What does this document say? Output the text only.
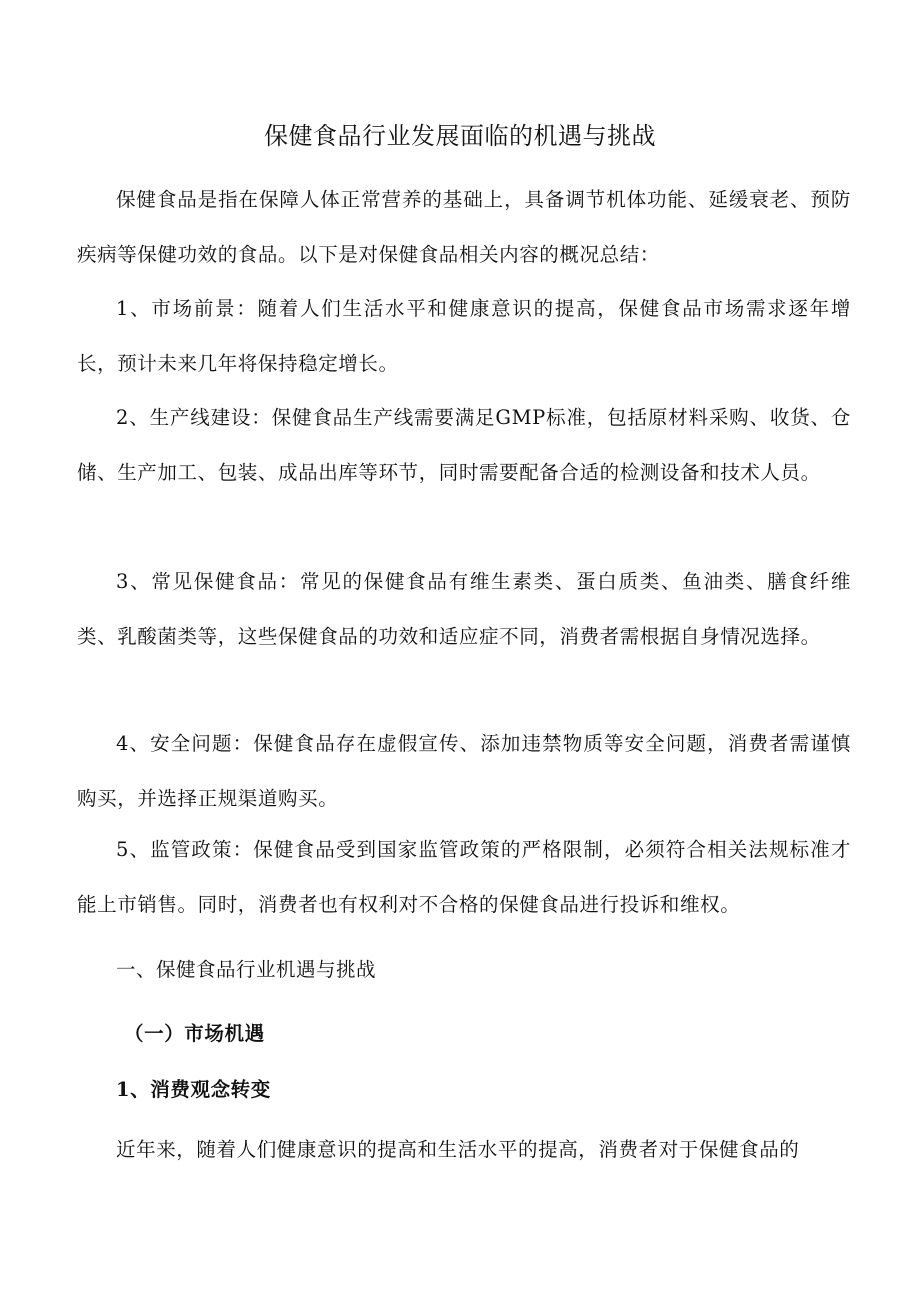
保健食品行业发展面临的机遇与挑战

保健食品是指在保障人体正常营养的基础上，具备调节机体功能、延缓衰老、预防疾病等保健功效的食品。以下是对保健食品相关内容的概况总结：

1、市场前景：随着人们生活水平和健康意识的提高，保健食品市场需求逐年增长，预计未来几年将保持稳定增长。

2、生产线建设：保健食品生产线需要满足GMP标准，包括原材料采购、收货、仓储、生产加工、包装、成品出库等环节，同时需要配备合适的检测设备和技术人员。

3、常见保健食品：常见的保健食品有维生素类、蛋白质类、鱼油类、膳食纤维类、乳酸菌类等，这些保健食品的功效和适应症不同，消费者需根据自身情况选择。

4、安全问题：保健食品存在虚假宣传、添加违禁物质等安全问题，消费者需谨慎购买，并选择正规渠道购买。

5、监管政策：保健食品受到国家监管政策的严格限制，必须符合相关法规标准才能上市销售。同时，消费者也有权利对不合格的保健食品进行投诉和维权。

一、保健食品行业机遇与挑战
（一）市场机遇
1、消费观念转变

近年来，随着人们健康意识的提高和生活水平的提高，消费者对于保健食品的
